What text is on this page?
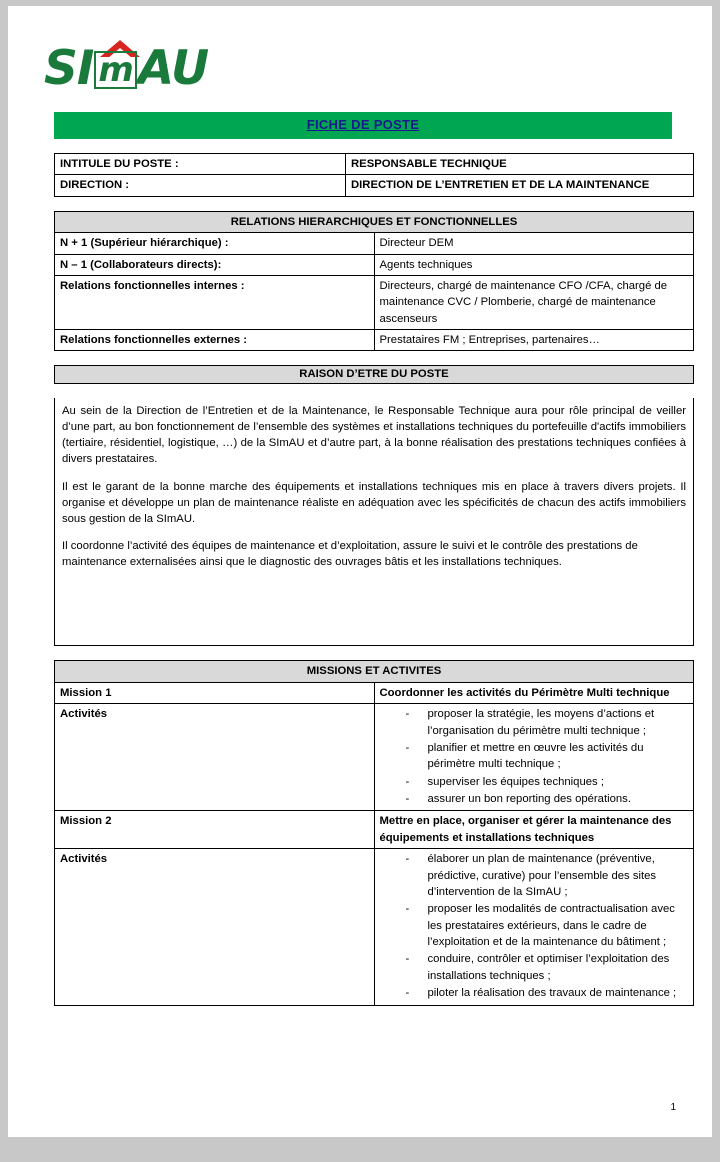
SI m AU
FICHE DE POSTE
INTITULE DU POSTE :	RESPONSABLE TECHNIQUE
DIRECTION :	DIRECTION DE L’ENTRETIEN ET DE LA MAINTENANCE
RELATIONS HIERARCHIQUES ET FONCTIONNELLES	
N + 1 (Supérieur hiérarchique) :	Directeur DEM
N – 1 (Collaborateurs directs):	Agents techniques
Relations fonctionnelles internes :	Directeurs, chargé de maintenance CFO /CFA, chargé de maintenance CVC / Plomberie, chargé de maintenance ascenseurs
Relations fonctionnelles externes :	Prestataires FM ; Entreprises, partenaires…
RAISON D’ETRE DU POSTE

Au sein de la Direction de l’Entretien et de la Maintenance, le Responsable Technique aura pour rôle principal de veiller d’une part, au bon fonctionnement de l’ensemble des systèmes et installations techniques du portefeuille d'actifs immobiliers (tertiaire, résidentiel, logistique, …) de la SImAU et d’autre part, à la bonne réalisation des prestations techniques confiées à divers prestataires.

Il est le garant de la bonne marche des équipements et installations techniques mis en place à travers divers projets. Il organise et développe un plan de maintenance réaliste en adéquation avec les spécificités de chacun des actifs immobiliers sous gestion de la SImAU.

Il coordonne l’activité des équipes de maintenance et d’exploitation, assure le suivi et le contrôle des prestations de maintenance externalisées ainsi que le diagnostic des ouvrages bâtis et les installations techniques.

MISSIONS ET ACTIVITES	
Mission 1	Coordonner les activités du Périmètre Multi technique
Activités	- proposer la stratégie, les moyens d’actions et l’organisation du périmètre multi technique ;
- planifier et mettre en œuvre les activités du périmètre multi technique ;
- superviser les équipes techniques ;
- assurer un bon reporting des opérations.

Mission 2	Mettre en place, organiser et gérer la maintenance des équipements et installations techniques
Activités	- élaborer un plan de maintenance (préventive, prédictive, curative) pour l’ensemble des sites d’intervention de la SImAU ;
- proposer les modalités de contractualisation avec les prestataires extérieurs, dans le cadre de l’exploitation et de la maintenance du bâtiment ;
- conduire, contrôler et optimiser l’exploitation des installations techniques ;
- piloter la réalisation des travaux de maintenance ;
1
